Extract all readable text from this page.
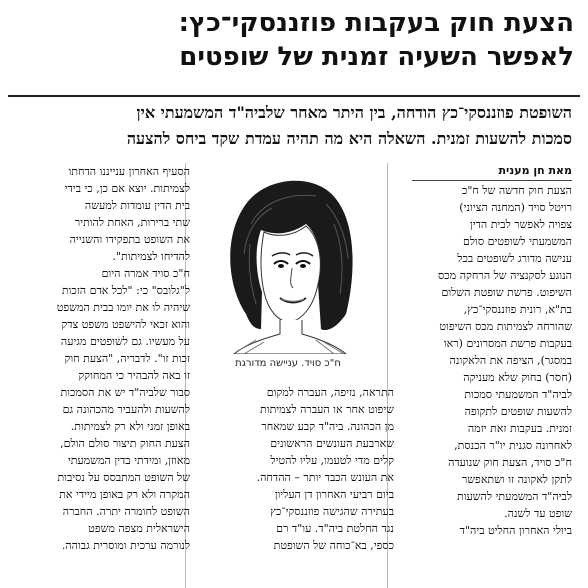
הצעת חוק בעקבות פוזננסקי־כץ:
לאפשר השעיה זמנית של שופטים
השופטת פוזננסקי־כץ הודחה, בין היתר מאחר שלביה"ד המשמעתי אין
סמכות להשעות זמנית. השאלה היא מה תהיה עמדת שקד ביחס להצעה
מאת חן מענית
הצעת חוק חדשה של ח"כ
רויטל סויד (המחנה הציוני)
צפויה לאפשר לבית הדין
המשמעתי לשופטים סולם
ענישה מדורג לשופטים בכל
הנוגע לסקנציה של הרחקה מכס
השיפוט. פרשת שופטת השלום
בת"א, רונית פוזננסקי־כץ,
שהורחה לצמיתות מכס השיפוט
בעקבות פרשת המסרונים (ראו
במסגר), הציפה את הלאקונה
(חסר) בחוק שלא מעניקה
לביה"ד המשמעתי סמכות
להשעות שופטים לתקופה
זמנית. בעקבות זאת יזמה
לאחרונה סגנית יו"ר הכנסת,
ח"כ סויד, הצעת חוק שנועדה
לתקן לאקונה זו ושתאפשר
לביה"ד המשמעתי להשעות
שופט עד לשנה.
ביולי האחרון החליט ביה"ד
ח"כ סויד. עניישה מדורגת
התראה, נזיפה, העברה למקום
שיפוט אחר או העברה לצמיתות
מן הכהונה. ביה"ד קבע שמאחר
שארבעת העונשים הראשונים
קלים מדי לטעמו, עליו להטיל
את העונש הכבד יותר – ההדחה.
ביום רביעי האחרון דן העליון
בעתירה שהגישה פוזננסקי־כץ
נגד החלטת ביה"ד. עו"ד רם
כספי, בא־כוחה של השופטת
הסעיף האחרון ענייננו הדחתו
לצמיתות. יוצא אם כן, כי בידי
בית הדין עומדות למעשה
שתי ברירות, האחת להותיר
את השופט בתפקידו והשנייה
להדיחו לצמיתות".
ח"כ סויד אמרה היום
ל"גלובס" כי: "לכל אדם הזכות
שיהיה לו את יומו בבית המשפט
והוא זכאי להישפט משפט צדק
על מעשיו. גם לשופטים מגיעה
זכות זו". לדבריה, "הצעת חוק
זו באה להבהיר כי המחוקק
סבור שלביה"ד יש את הסמכות
להשעות ולהעביר מהכהונה גם
באופן זמני ולא רק לצמיתות.
הצעת החוק תיצור סולם הולם,
מאוזן, ומידתי בדין המשמעתי
של השופט המתבסס על נסיבות
המקרה ולא רק באופן מיידי את
השופט לחומרה יתרה. החברה
הישראלית מצפה משפט
לנורמה ערכית ומוסרית גבוהה.
